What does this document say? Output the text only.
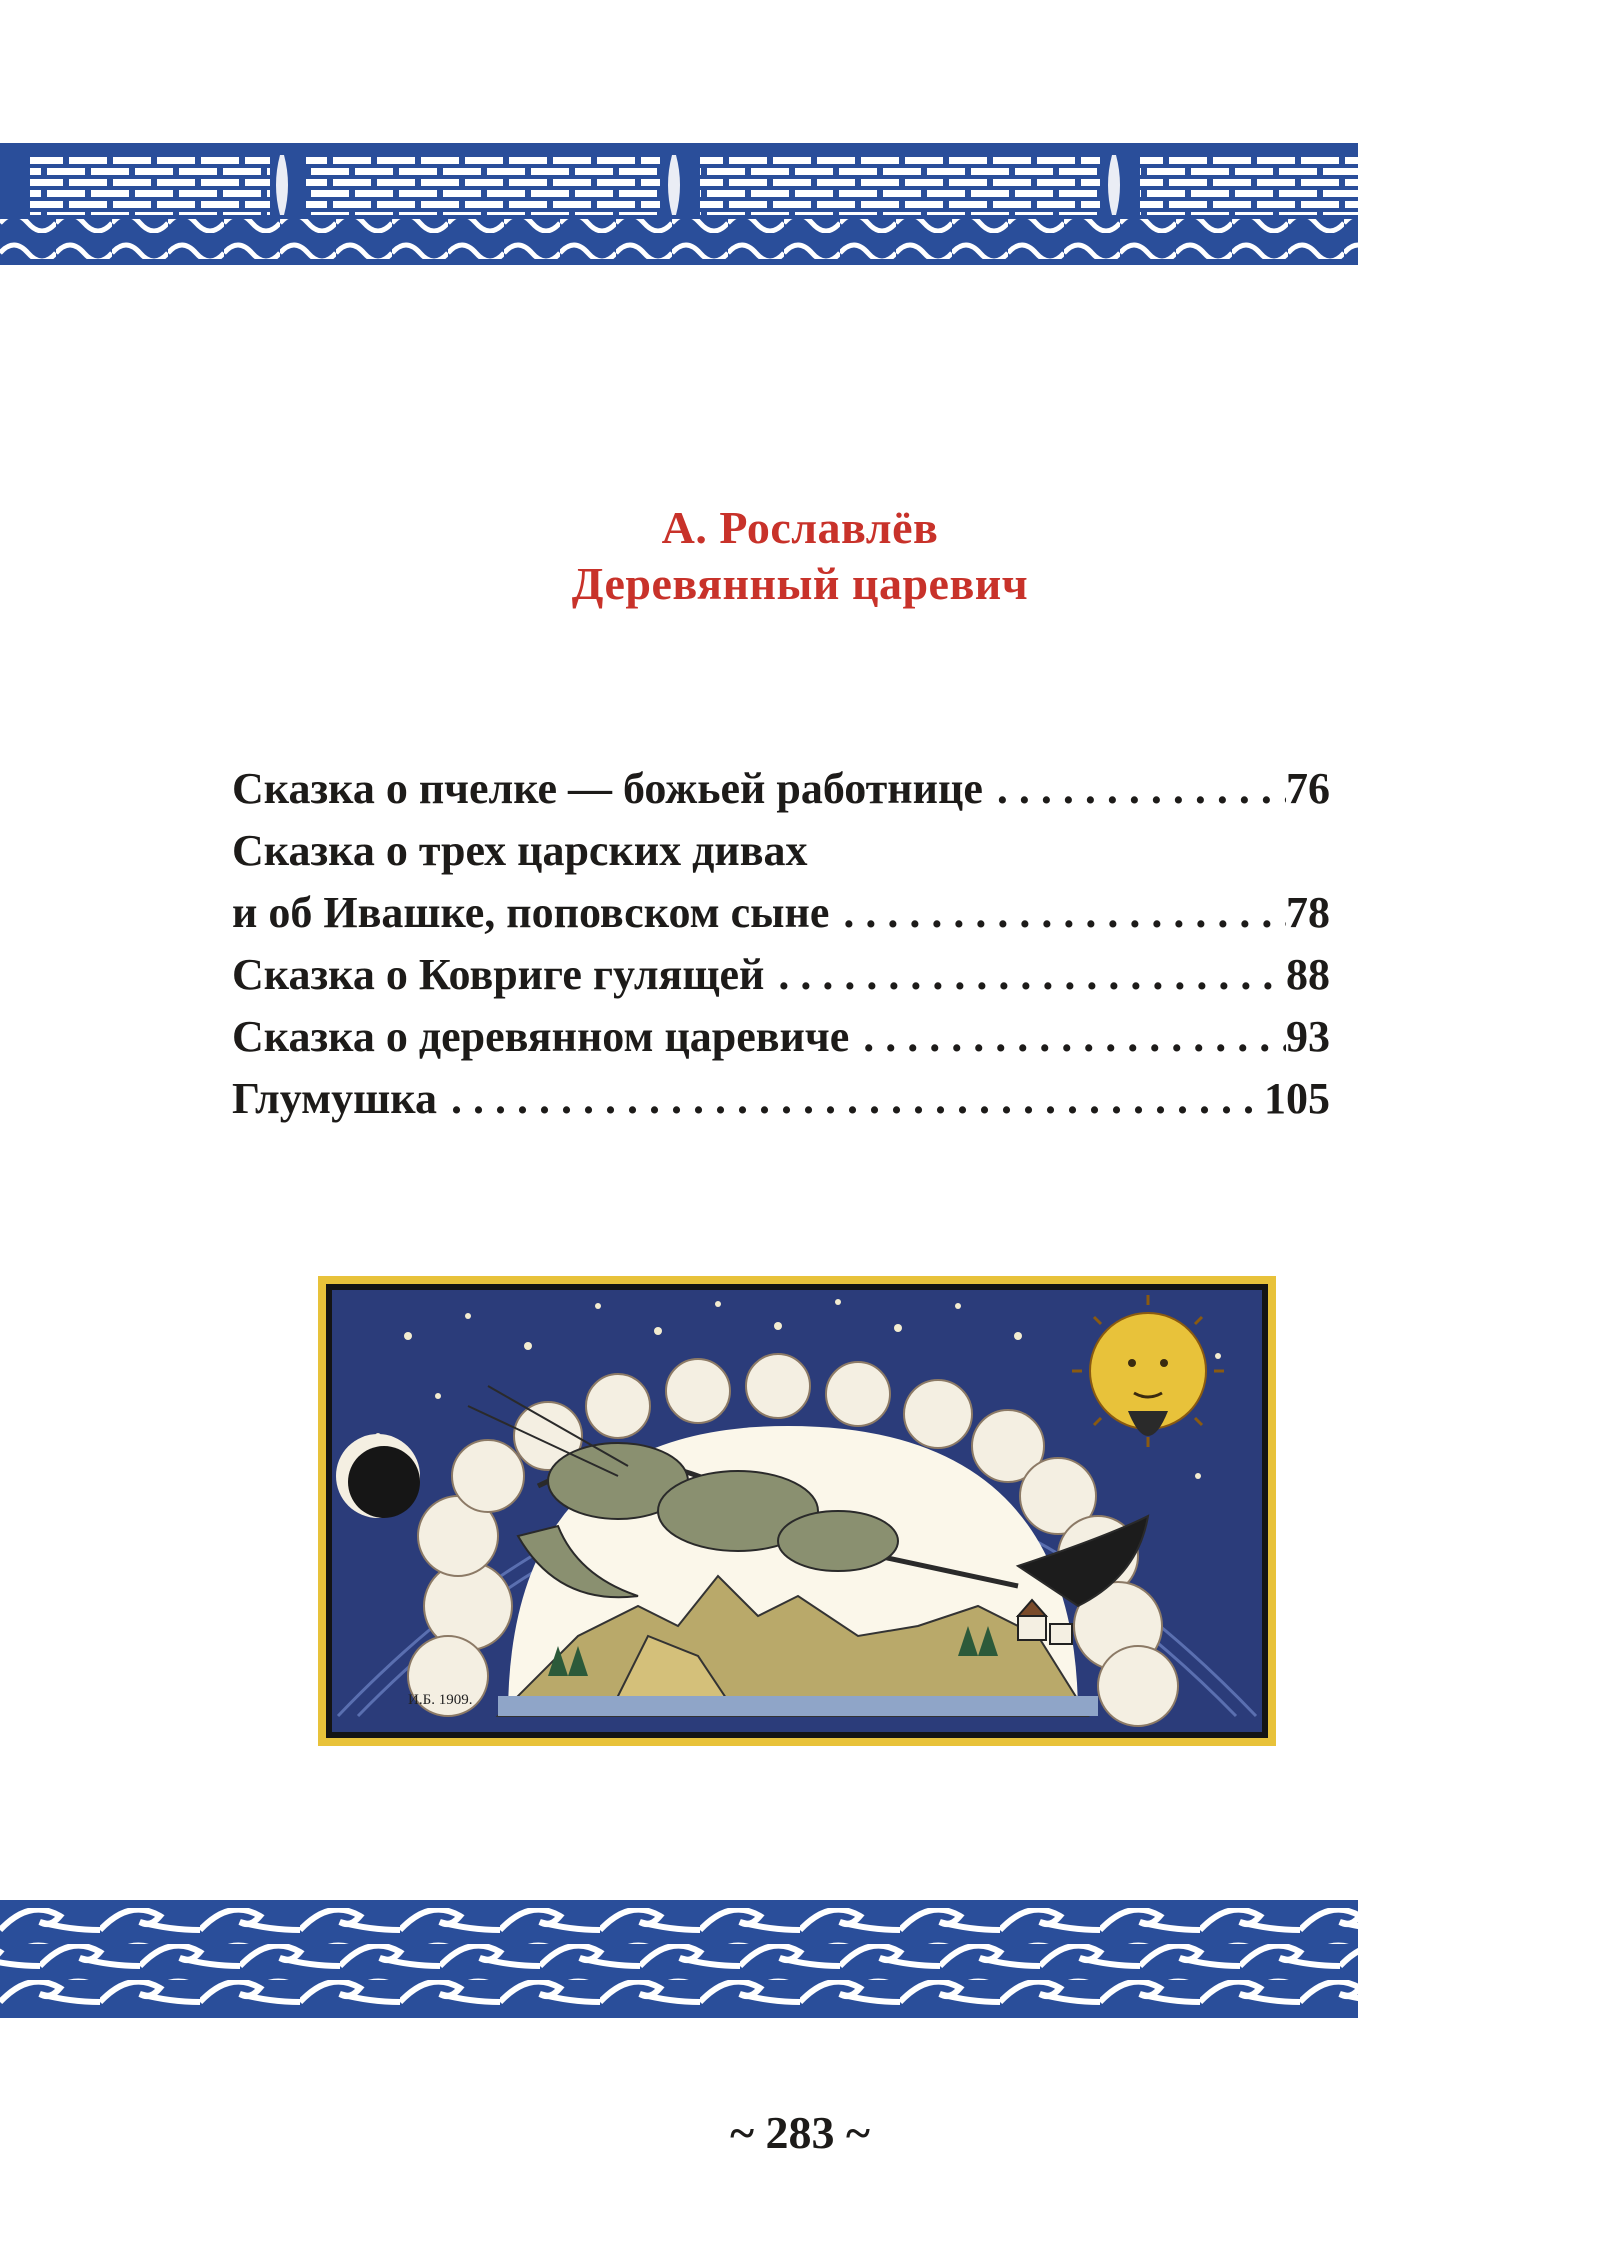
А. Рославлёв
Деревянный царевич
Сказка о пчелке — божьей работнице . . .	76
Сказка о трех царских дивах
и об Ивашке, поповском сыне . . .	78
Сказка о Ковриге гулящей . . .	88
Сказка о деревянном царевиче . . .	93
Глумушка . . .	105
И.Б. 1909.
~ 283 ~
